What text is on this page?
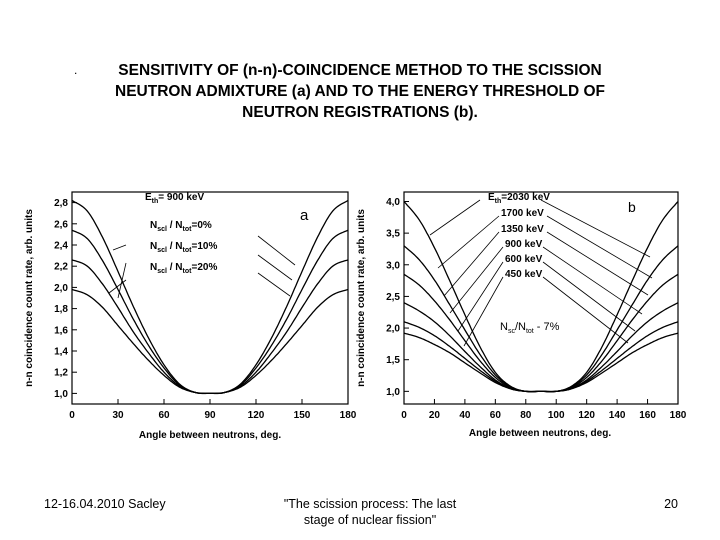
.	SENSITIVITY OF (n-n)-COINCIDENCE METHOD TO THE SCISSION
NEUTRON ADMIXTURE (a) AND TO THE ENERGY THRESHOLD OF
NEUTRON REGISTRATIONS (b).
n-n coincidence count rate, arb. units
Angle between neutrons, deg.
a
0	30	60	90	120	150	180
1,0
1,2
1,4
1,6
1,8
2,0
2,2
2,4
2,6
2,8
$E_{th}= 900$ keV
$N_{scl} / N_{tot}=0\%$
$N_{scl} / N_{tot}=10\%$
$N_{scl} / N_{tot}=20\%$	n-n coincidence count rate, arb. units
Angle between neutrons, deg.
b
0 20 40 60 80 100 120 140 160 180
1,0
1,5
2,0
2,5
3,0
3,5
4,0	$E_{th}=2030$ keV
1700 keV
1350 keV
900 keV
600 keV
450 keV
$N_{sc}/N_{tot} - 7\%$
12-16.04.2010 Sacley	"The scission process: The last
stage of nuclear fission"
20
